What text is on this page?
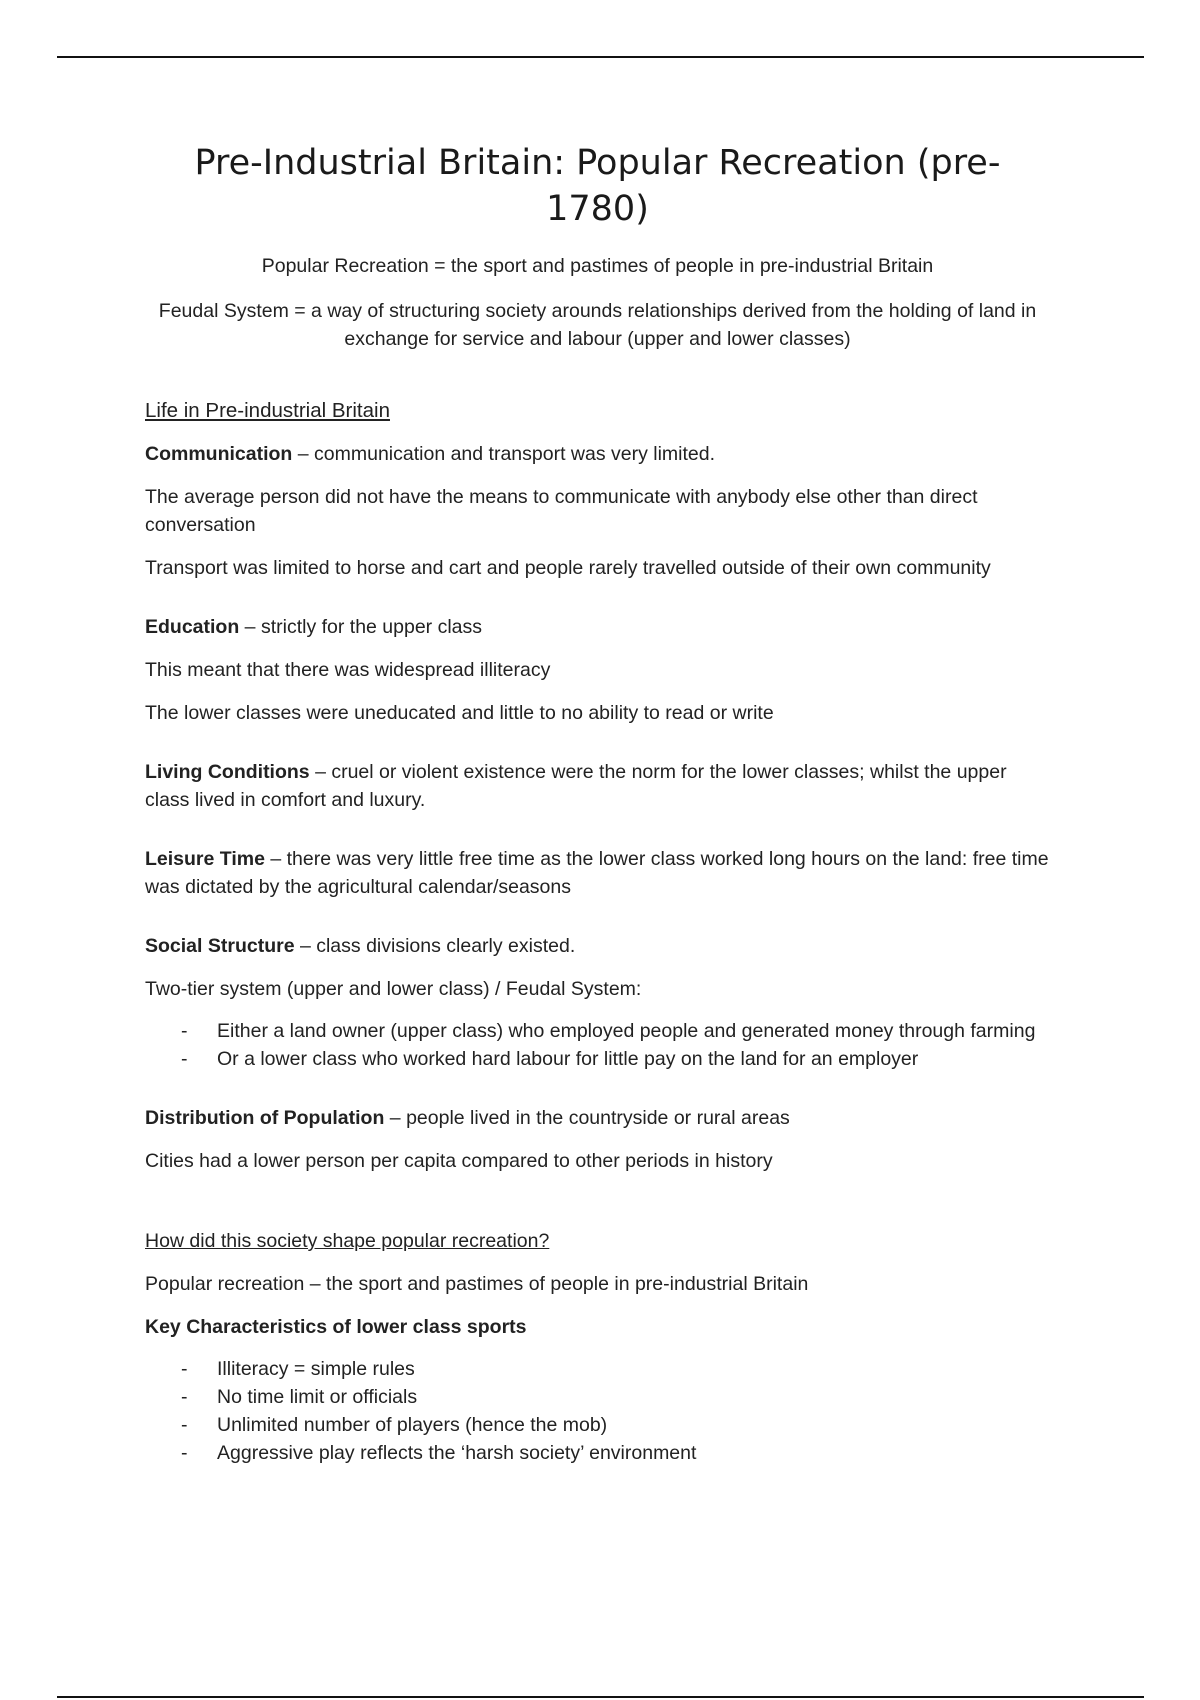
Pre-Industrial Britain: Popular Recreation (pre-1780)

Popular Recreation = the sport and pastimes of people in pre-industrial Britain

Feudal System = a way of structuring society arounds relationships derived from the holding of land in exchange for service and labour (upper and lower classes)

Life in Pre-industrial Britain

Communication – communication and transport was very limited.

The average person did not have the means to communicate with anybody else other than direct conversation

Transport was limited to horse and cart and people rarely travelled outside of their own community

Education – strictly for the upper class

This meant that there was widespread illiteracy

The lower classes were uneducated and little to no ability to read or write

Living Conditions – cruel or violent existence were the norm for the lower classes; whilst the upper class lived in comfort and luxury.

Leisure Time – there was very little free time as the lower class worked long hours on the land: free time was dictated by the agricultural calendar/seasons

Social Structure – class divisions clearly existed.

Two-tier system (upper and lower class) / Feudal System:

- Either a land owner (upper class) who employed people and generated money through farming
- Or a lower class who worked hard labour for little pay on the land for an employer

Distribution of Population – people lived in the countryside or rural areas

Cities had a lower person per capita compared to other periods in history

How did this society shape popular recreation?

Popular recreation – the sport and pastimes of people in pre-industrial Britain

Key Characteristics of lower class sports

- Illiteracy = simple rules
- No time limit or officials
- Unlimited number of players (hence the mob)
- Aggressive play reflects the ‘harsh society’ environment
